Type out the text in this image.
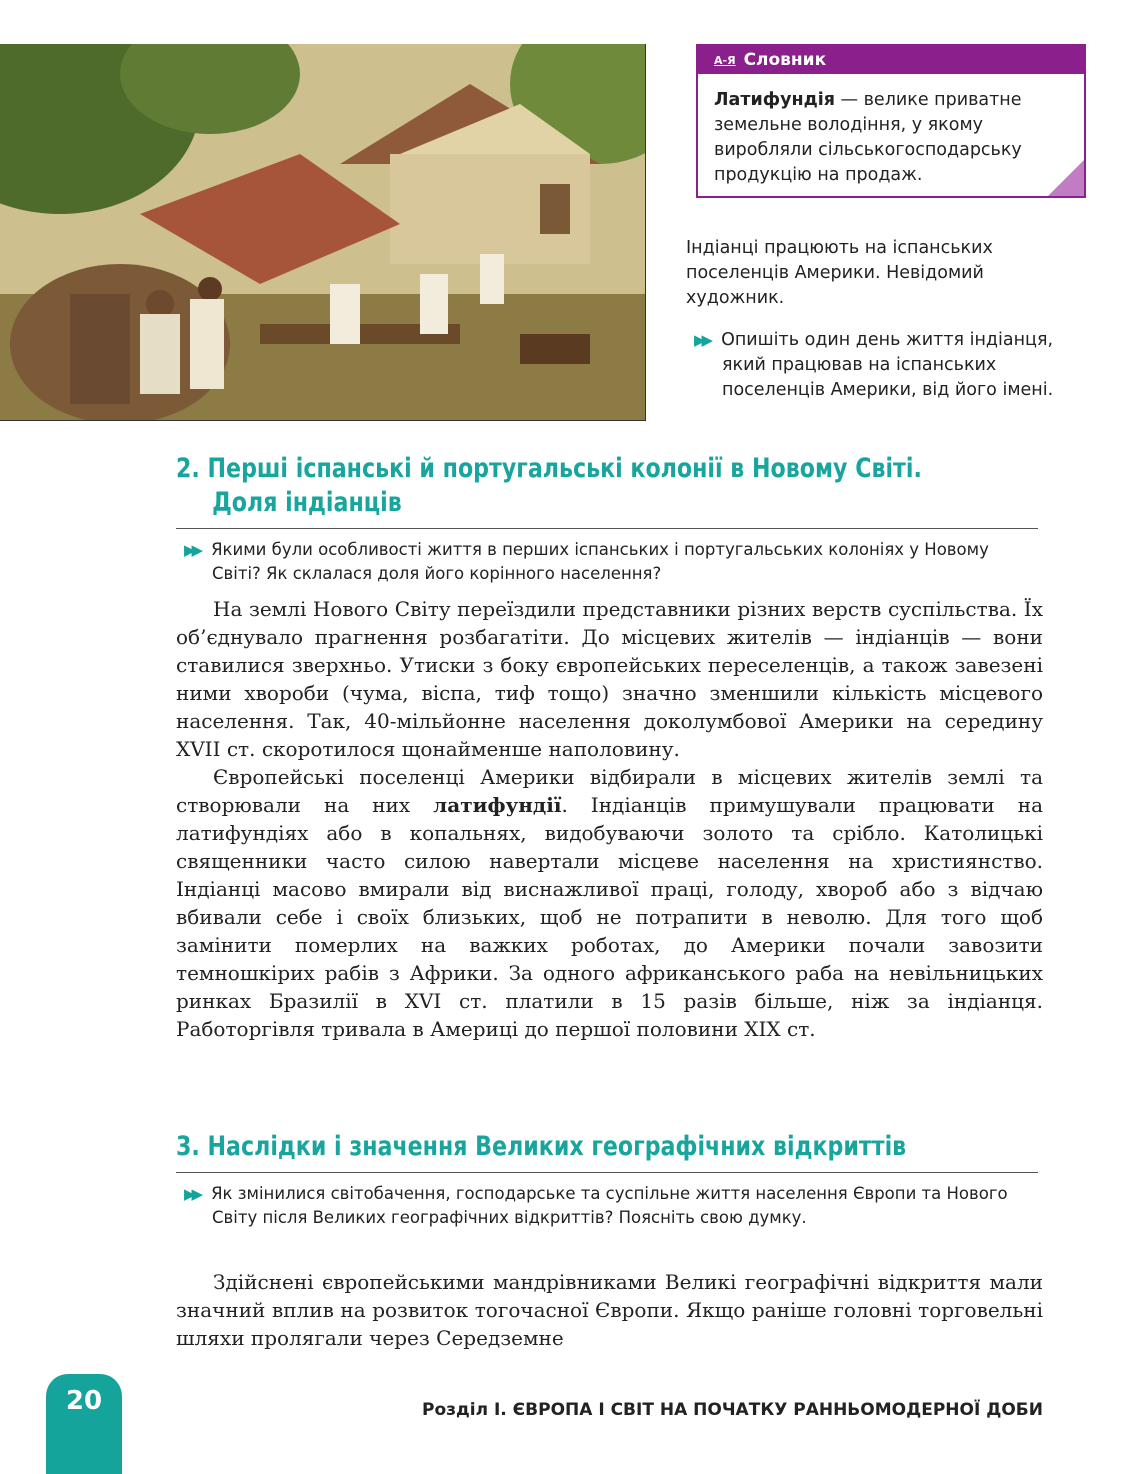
А-Я Словник
Латифундія — велике приватне земельне володіння, у якому виробляли сільськогосподарську продукцію на продаж.
Індіанці працюють на іспанських поселенців Америки. Невідомий художник.
▶▶ Опишіть один день життя індіанця, який працював на іспанських поселенців Америки, від його імені.
2. Перші іспанські й португальські колонії в Новому Світі.
Доля індіанців
▶▶ Якими були особливості життя в перших іспанських і португальських колоніях у Новому Світі? Як склалася доля його корінного населення?

На землі Нового Світу переїздили представники різних верств суспільства. Їх об’єднувало прагнення розбагатіти. До місцевих жителів — індіанців — вони ставилися зверхньо. Утиски з боку європейських переселенців, а також завезені ними хвороби (чума, віспа, тиф тощо) значно зменшили кількість місцевого населення. Так, 40-мільйонне населення доколумбової Америки на середину XVII ст. скоротилося щонайменше наполовину.

Європейські поселенці Америки відбирали в місцевих жителів землі та створювали на них латифундії. Індіанців примушували працювати на латифундіях або в копальнях, видобуваючи золото та срібло. Католицькі священники часто силою навертали місцеве населення на християнство. Індіанці масово вмирали від виснажливої праці, голоду, хвороб або з відчаю вбивали себе і своїх близьких, щоб не потрапити в неволю. Для того щоб замінити померлих на важких роботах, до Америки почали завозити темношкірих рабів з Африки. За одного африканського раба на невільницьких ринках Бразилії в XVI ст. платили в 15 разів більше, ніж за індіанця. Работоргівля тривала в Америці до першої половини XIX ст.

3. Наслідки і значення Великих географічних відкриттів
▶▶ Як змінилися світобачення, господарське та суспільне життя населення Європи та Нового Світу після Великих географічних відкриттів? Поясніть свою думку.

Здійснені європейськими мандрівниками Великі географічні відкриття мали значний вплив на розвиток тогочасної Європи. Якщо раніше головні торговельні шляхи пролягали через Середземне

20	Розділ I. ЄВРОПА І СВІТ НА ПОЧАТКУ РАННЬОМОДЕРНОЇ ДОБИ
